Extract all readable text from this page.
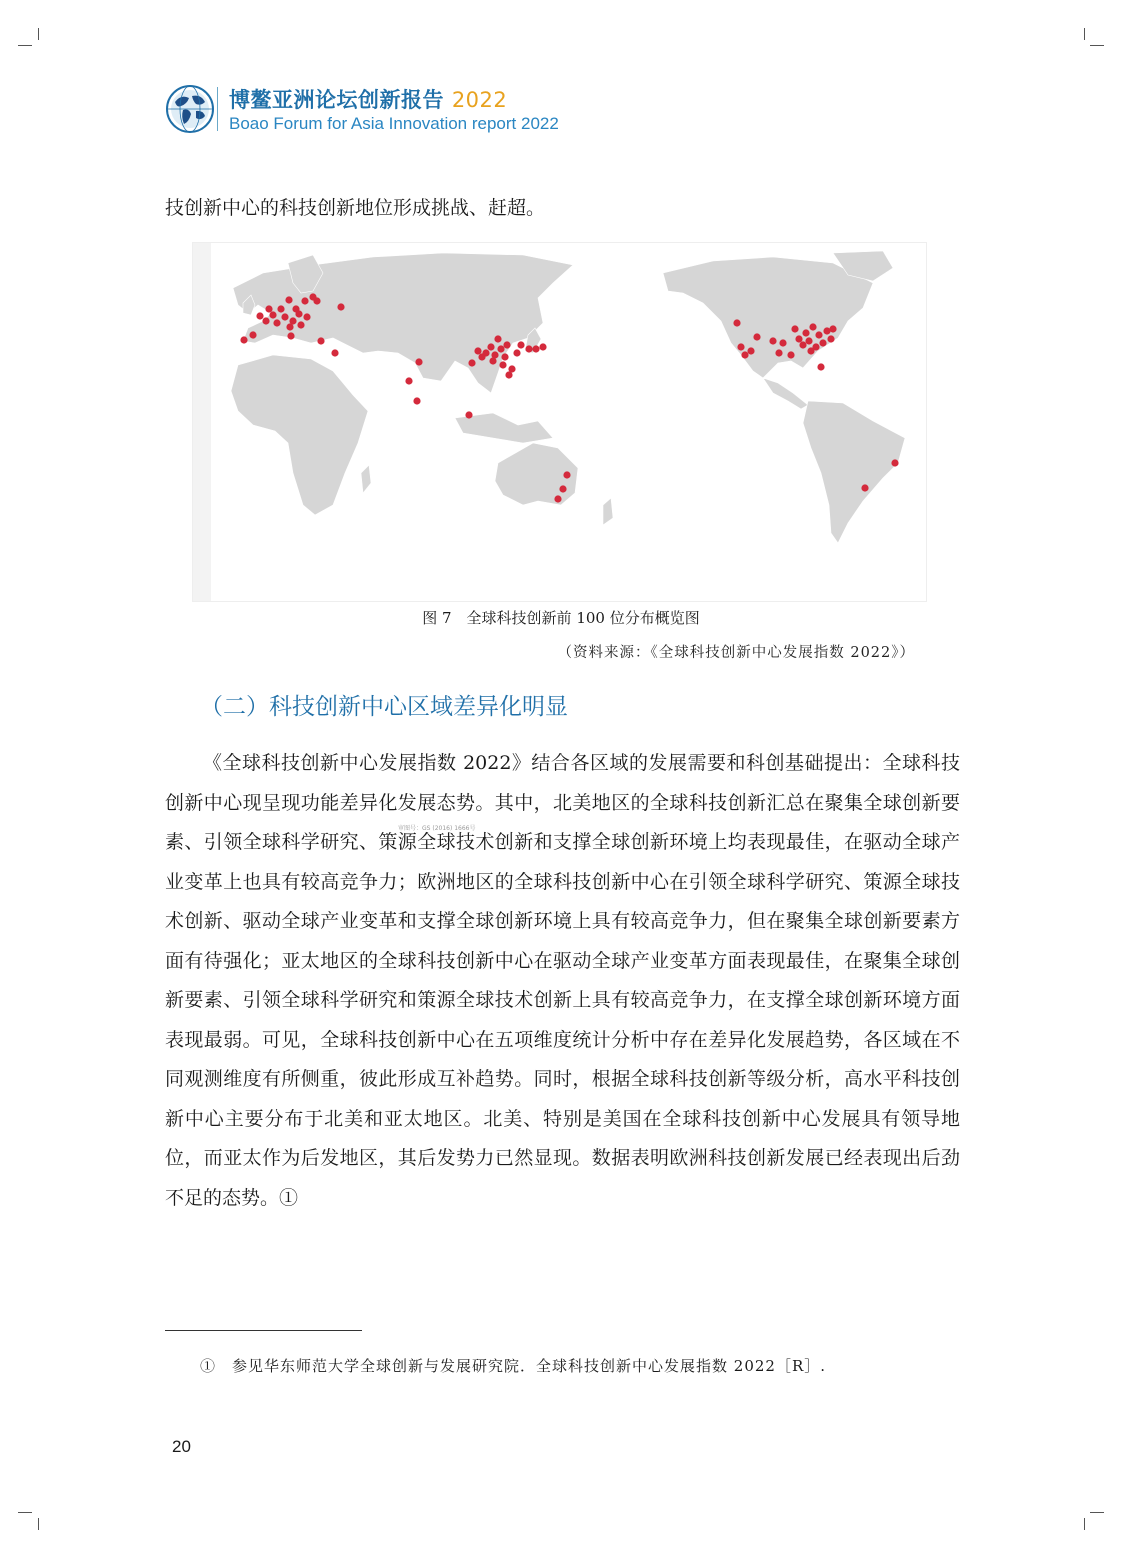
博鳌亚洲论坛创新报告 2022
Boao Forum for Asia Innovation report 2022
技创新中心的科技创新地位形成挑战、赶超。
审图号：GS (2016) 1666号
图 7　全球科技创新前 100 位分布概览图
（资料来源：《全球科技创新中心发展指数 2022》）
（二）科技创新中心区域差异化明显

《全球科技创新中心发展指数 2022》结合各区域的发展需要和科创基础提出：全球科技创新中心现呈现功能差异化发展态势。其中，北美地区的全球科技创新汇总在聚集全球创新要素、引领全球科学研究、策源全球技术创新和支撑全球创新环境上均表现最佳，在驱动全球产业变革上也具有较高竞争力；欧洲地区的全球科技创新中心在引领全球科学研究、策源全球技术创新、驱动全球产业变革和支撑全球创新环境上具有较高竞争力，但在聚集全球创新要素方面有待强化；亚太地区的全球科技创新中心在驱动全球产业变革方面表现最佳，在聚集全球创新要素、引领全球科学研究和策源全球技术创新上具有较高竞争力，在支撑全球创新环境方面表现最弱。可见，全球科技创新中心在五项维度统计分析中存在差异化发展趋势，各区域在不同观测维度有所侧重，彼此形成互补趋势。同时，根据全球科技创新等级分析，高水平科技创新中心主要分布于北美和亚太地区。北美、特别是美国在全球科技创新中心发展具有领导地位，而亚太作为后发地区，其后发势力已然显现。数据表明欧洲科技创新发展已经表现出后劲不足的态势。①

①　参见华东师范大学全球创新与发展研究院．全球科技创新中心发展指数 2022［R］.
20
